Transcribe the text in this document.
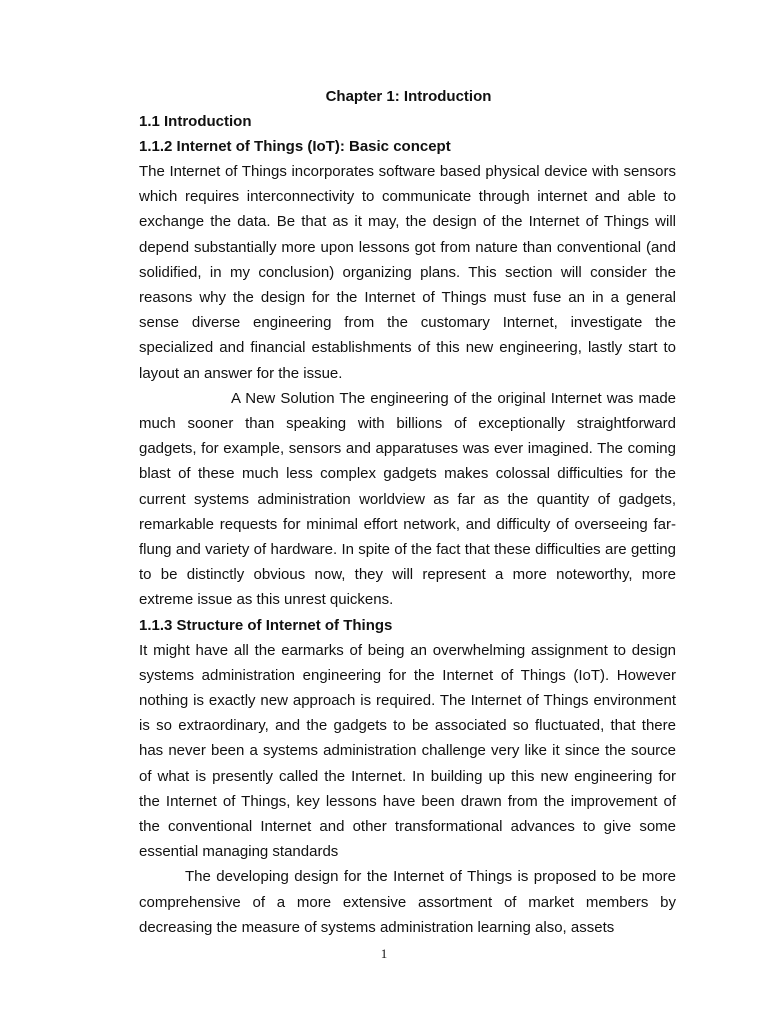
Chapter 1: Introduction
1.1 Introduction
1.1.2 Internet of Things (IoT): Basic concept

The Internet of Things incorporates software based physical device with sensors which requires interconnectivity to communicate through internet and able to exchange the data. Be that as it may, the design of the Internet of Things will depend substantially more upon lessons got from nature than conventional (and solidified, in my conclusion) organizing plans. This section will consider the reasons why the design for the Internet of Things must fuse an in a general sense diverse engineering from the customary Internet, investigate the specialized and financial establishments of this new engineering, lastly start to layout an answer for the issue.

A New Solution The engineering of the original Internet was made much sooner than speaking with billions of exceptionally straightforward gadgets, for example, sensors and apparatuses was ever imagined. The coming blast of these much less complex gadgets makes colossal difficulties for the current systems administration worldview as far as the quantity of gadgets, remarkable requests for minimal effort network, and difficulty of overseeing far-flung and variety of hardware. In spite of the fact that these difficulties are getting to be distinctly obvious now, they will represent a more noteworthy, more extreme issue as this unrest quickens.

1.1.3 Structure of Internet of Things

It might have all the earmarks of being an overwhelming assignment to design systems administration engineering for the Internet of Things (IoT). However nothing is exactly new approach is required. The Internet of Things environment is so extraordinary, and the gadgets to be associated so fluctuated, that there has never been a systems administration challenge very like it since the source of what is presently called the Internet. In building up this new engineering for the Internet of Things, key lessons have been drawn from the improvement of the conventional Internet and other transformational advances to give some essential managing standards

The developing design for the Internet of Things is proposed to be more comprehensive of a more extensive assortment of market members by decreasing the measure of systems administration learning also, assets

1
